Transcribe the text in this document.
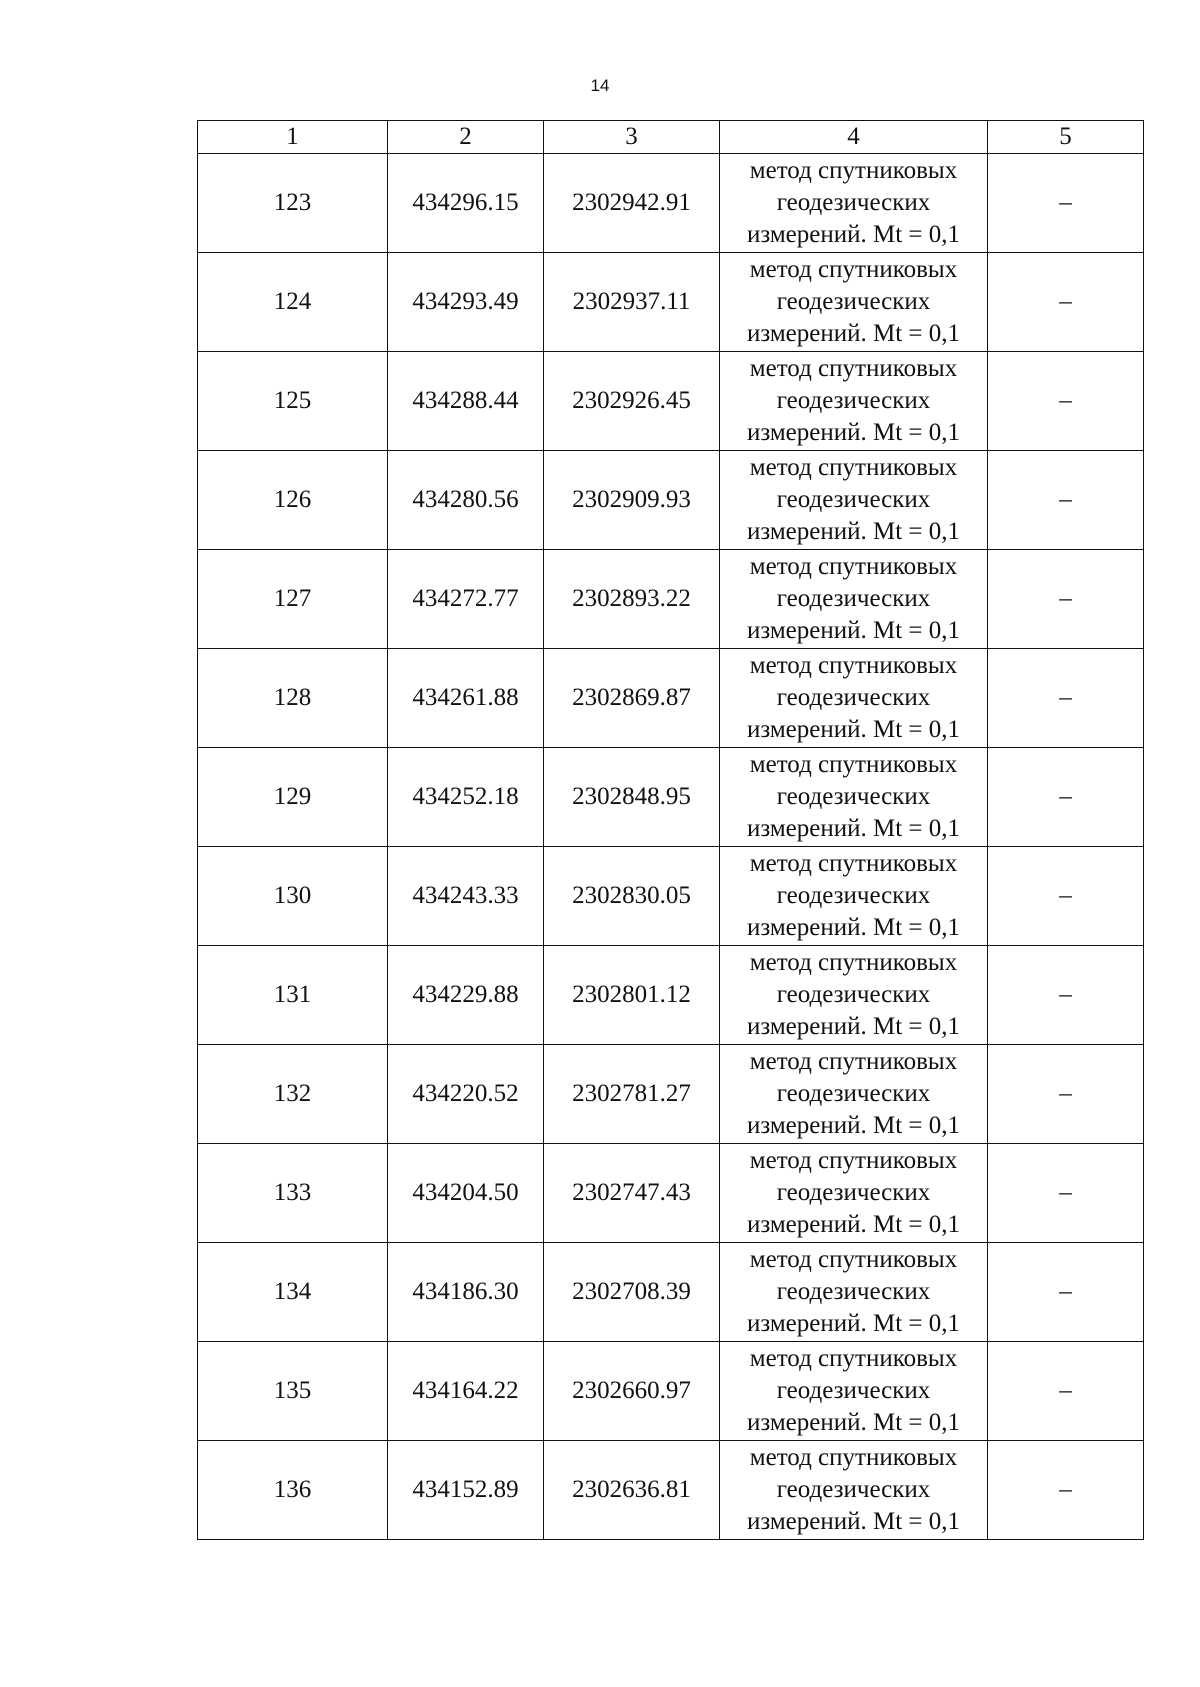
14
1	2	3	4	5
123	434296.15	2302942.91	метод спутниковых
геодезических
измерений. Mt = 0,1	–
124	434293.49	2302937.11	метод спутниковых
геодезических
измерений. Mt = 0,1	–
125	434288.44	2302926.45	метод спутниковых
геодезических
измерений. Mt = 0,1	–
126	434280.56	2302909.93	метод спутниковых
геодезических
измерений. Mt = 0,1	–
127	434272.77	2302893.22	метод спутниковых
геодезических
измерений. Mt = 0,1	–
128	434261.88	2302869.87	метод спутниковых
геодезических
измерений. Mt = 0,1	–
129	434252.18	2302848.95	метод спутниковых
геодезических
измерений. Mt = 0,1	–
130	434243.33	2302830.05	метод спутниковых
геодезических
измерений. Mt = 0,1	–
131	434229.88	2302801.12	метод спутниковых
геодезических
измерений. Mt = 0,1	–
132	434220.52	2302781.27	метод спутниковых
геодезических
измерений. Mt = 0,1	–
133	434204.50	2302747.43	метод спутниковых
геодезических
измерений. Mt = 0,1	–
134	434186.30	2302708.39	метод спутниковых
геодезических
измерений. Mt = 0,1	–
135	434164.22	2302660.97	метод спутниковых
геодезических
измерений. Mt = 0,1	–
136	434152.89	2302636.81	метод спутниковых
геодезических
измерений. Mt = 0,1	–
